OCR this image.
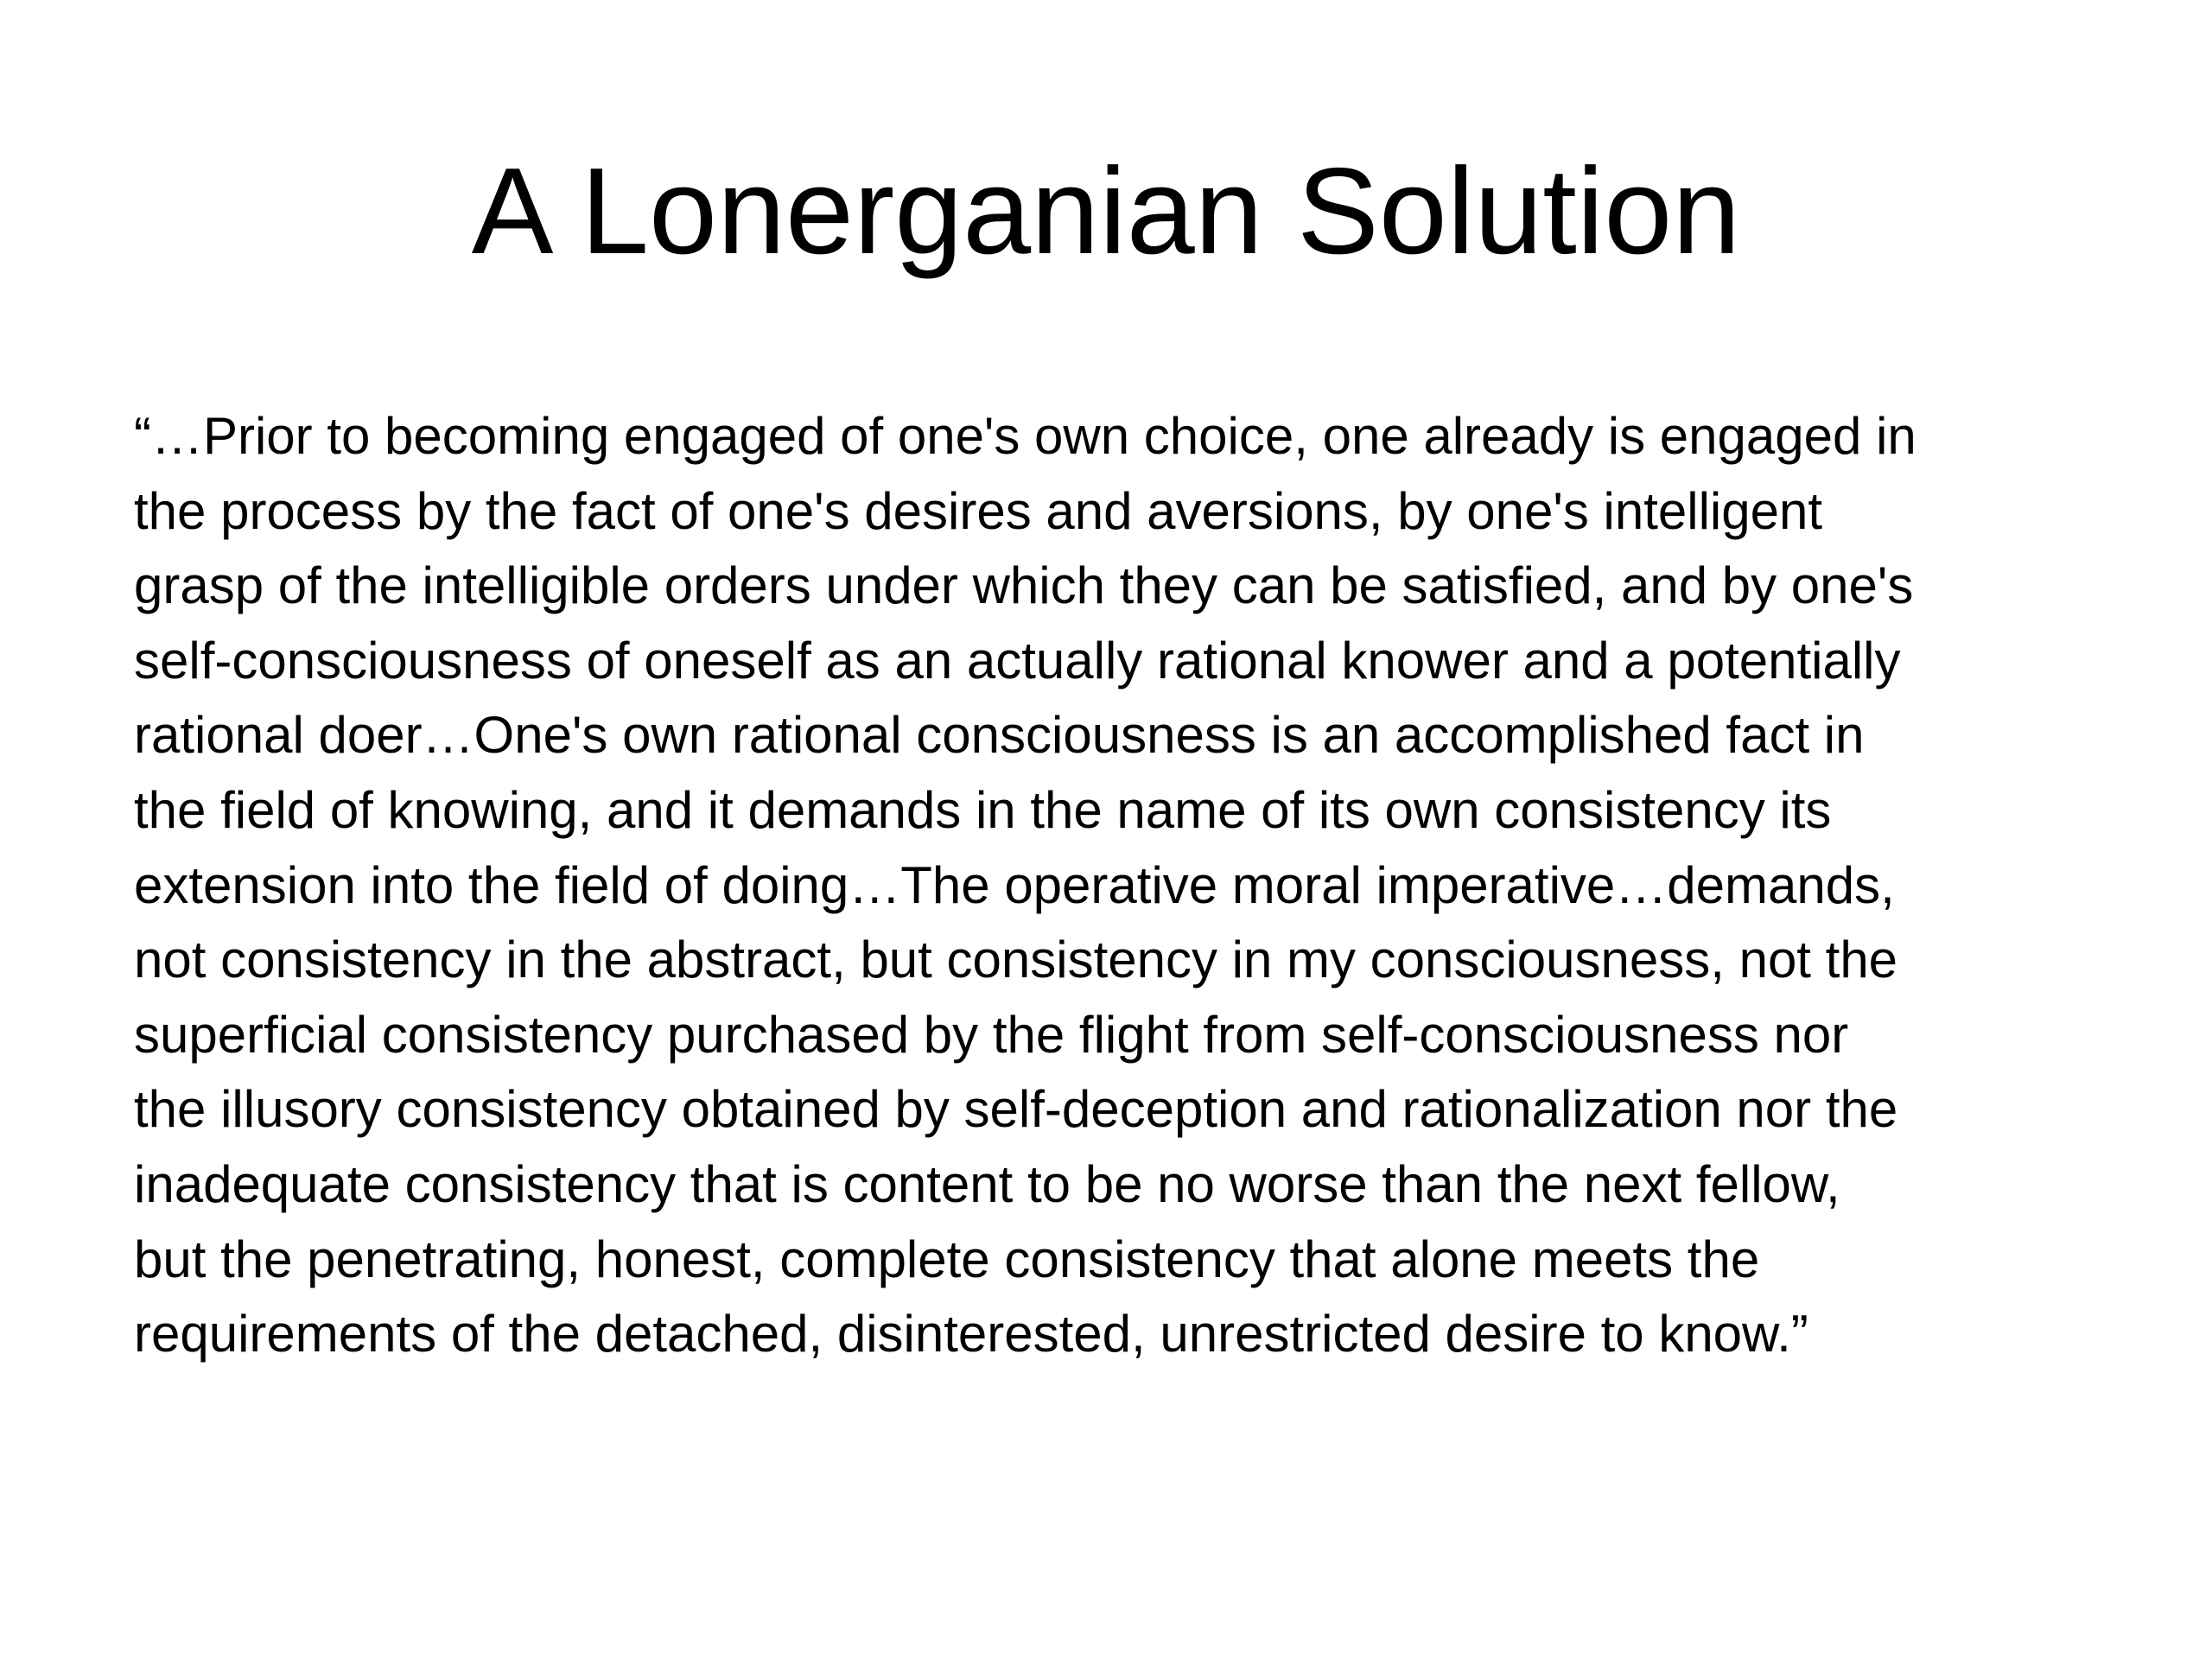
A Lonerganian Solution
“…Prior to becoming engaged of one's own choice, one already is engaged in
the process by the fact of one's desires and aversions, by one's intelligent
grasp of the intelligible orders under which they can be satisfied, and by one's
self-consciousness of oneself as an actually rational knower and a potentially
rational doer…One's own rational consciousness is an accomplished fact in
the field of knowing, and it demands in the name of its own consistency its
extension into the field of doing…The operative moral imperative…demands,
not consistency in the abstract, but consistency in my consciousness, not the
superficial consistency purchased by the flight from self-consciousness nor
the illusory consistency obtained by self-deception and rationalization nor the
inadequate consistency that is content to be no worse than the next fellow,
but the penetrating, honest, complete consistency that alone meets the
requirements of the detached, disinterested, unrestricted desire to know.”
